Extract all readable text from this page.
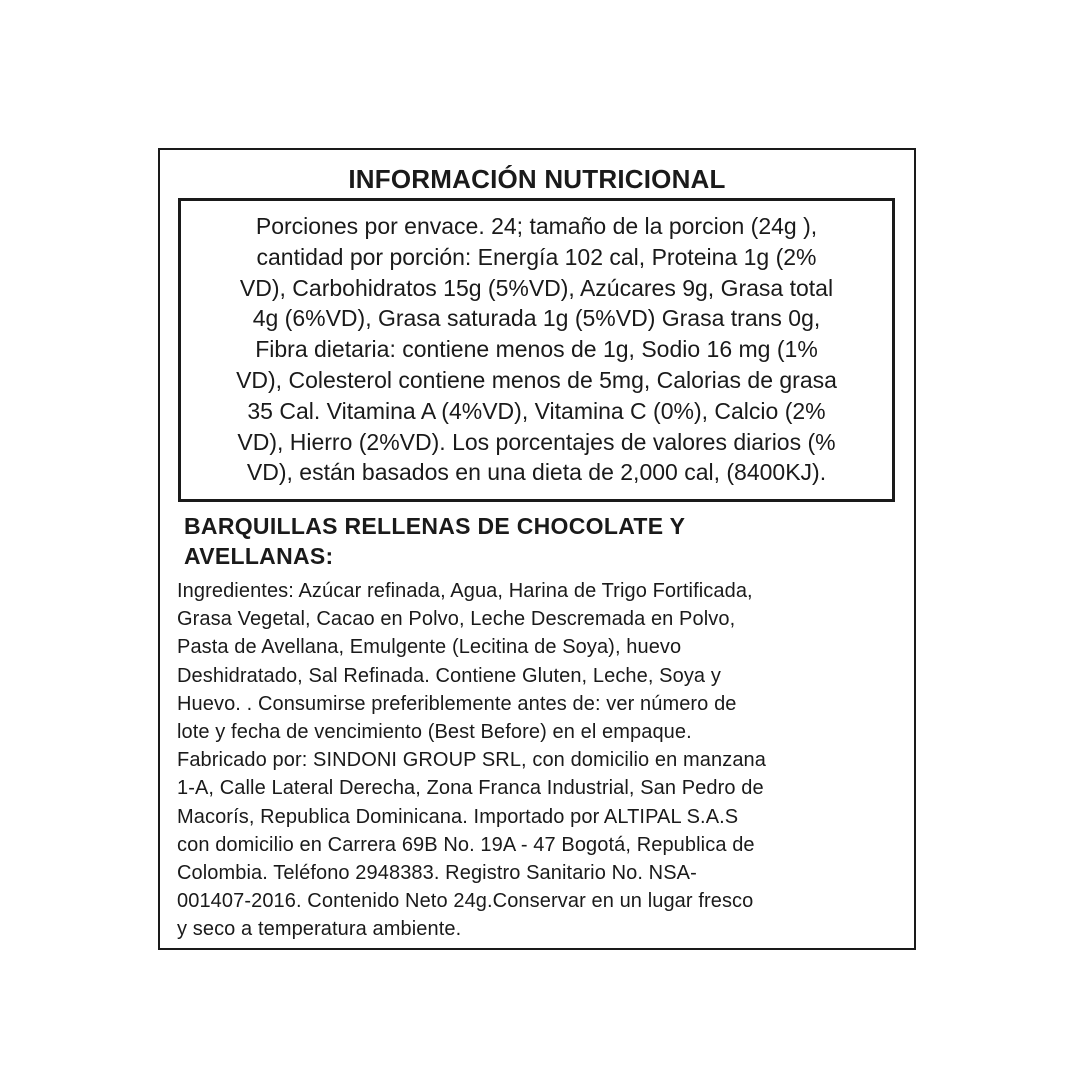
INFORMACIÓN NUTRICIONAL
Porciones por envace. 24; tamaño de la porcion (24g ),
cantidad por porción: Energía 102 cal, Proteina 1g (2%
VD), Carbohidratos 15g (5%VD), Azúcares 9g, Grasa total
4g (6%VD), Grasa saturada 1g (5%VD) Grasa trans 0g,
Fibra dietaria: contiene menos de 1g, Sodio 16 mg (1%
VD), Colesterol contiene menos de 5mg, Calorias de grasa
35 Cal. Vitamina A (4%VD), Vitamina C (0%), Calcio (2%
VD), Hierro (2%VD). Los porcentajes de valores diarios (%
VD), están basados en una dieta de 2,000 cal, (8400KJ).
BARQUILLAS RELLENAS DE CHOCOLATE Y
AVELLANAS:
Ingredientes: Azúcar refinada, Agua, Harina de Trigo Fortificada,
Grasa Vegetal, Cacao en Polvo, Leche Descremada en Polvo,
Pasta de Avellana, Emulgente (Lecitina de Soya), huevo
Deshidratado, Sal Refinada. Contiene Gluten, Leche, Soya y
Huevo. . Consumirse preferiblemente antes de: ver número de
lote y fecha de vencimiento (Best Before) en el empaque.
Fabricado por: SINDONI GROUP SRL, con domicilio en manzana
1-A, Calle Lateral Derecha, Zona Franca Industrial, San Pedro de
Macorís, Republica Dominicana. Importado por ALTIPAL S.A.S
con domicilio en Carrera 69B No. 19A - 47 Bogotá, Republica de
Colombia. Teléfono 2948383. Registro Sanitario No. NSA-
001407-2016. Contenido Neto 24g.Conservar en un lugar fresco
y seco a temperatura ambiente.
